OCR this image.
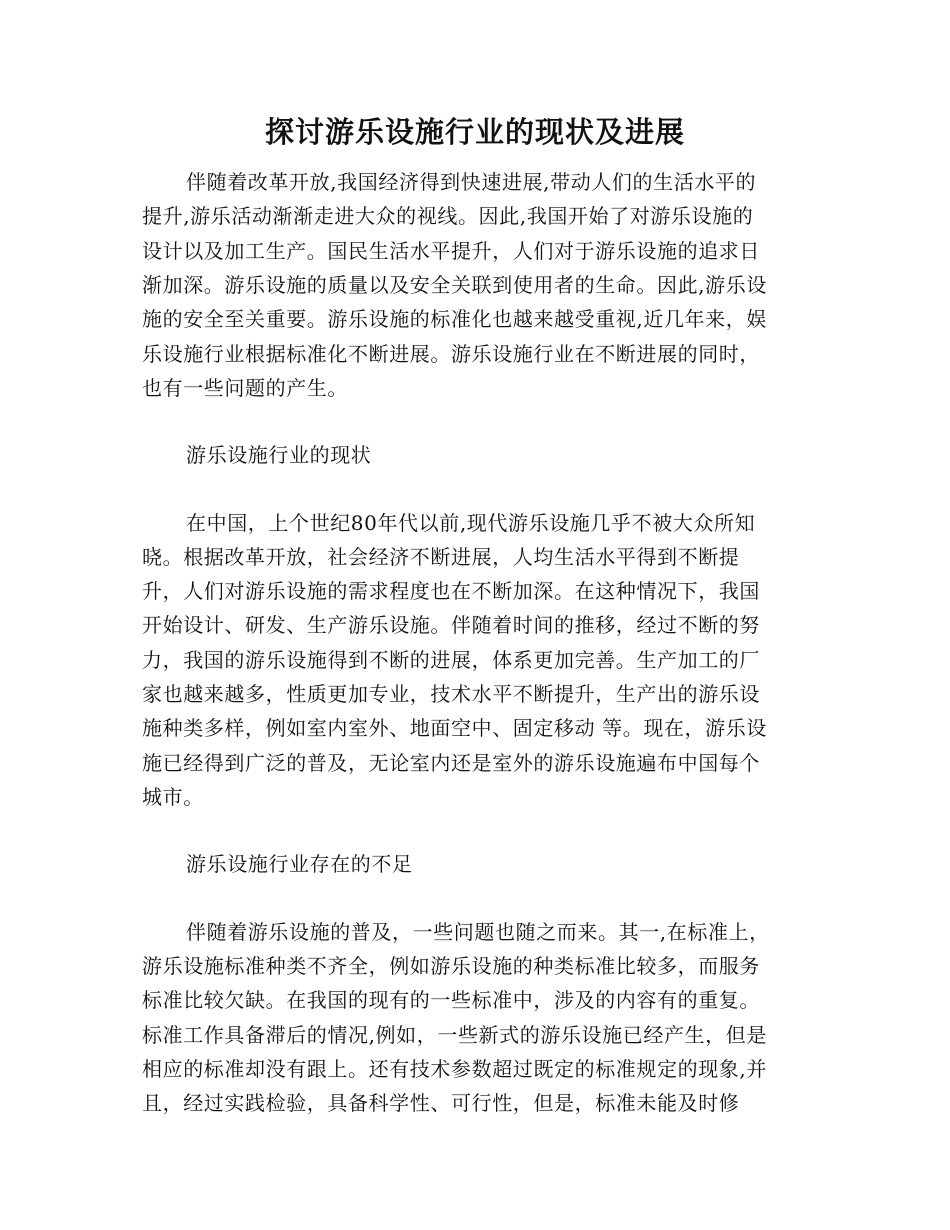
探讨游乐设施行业的现状及进展
伴随着改革开放,我国经济得到快速进展,带动人们的生活水平的
提升,游乐活动渐渐走进大众的视线。因此,我国开始了对游乐设施的
设计以及加工生产。国民生活水平提升，人们对于游乐设施的追求日
渐加深。游乐设施的质量以及安全关联到使用者的生命。因此,游乐设
施的安全至关重要。游乐设施的标准化也越来越受重视,近几年来，娱
乐设施行业根据标准化不断进展。游乐设施行业在不断进展的同时，
也有一些问题的产生。
游乐设施行业的现状
在中国，上个世纪80年代以前,现代游乐设施几乎不被大众所知
晓。根据改革开放，社会经济不断进展，人均生活水平得到不断提
升，人们对游乐设施的需求程度也在不断加深。在这种情况下，我国
开始设计、研发、生产游乐设施。伴随着时间的推移，经过不断的努
力，我国的游乐设施得到不断的进展，体系更加完善。生产加工的厂
家也越来越多，性质更加专业，技术水平不断提升，生产出的游乐设
施种类多样，例如室内室外、地面空中、固定移动 等。现在，游乐设
施已经得到广泛的普及，无论室内还是室外的游乐设施遍布中国每个
城市。
游乐设施行业存在的不足
伴随着游乐设施的普及，一些问题也随之而来。其一,在标准上，
游乐设施标准种类不齐全，例如游乐设施的种类标准比较多，而服务
标准比较欠缺。在我国的现有的一些标准中，涉及的内容有的重复。
标准工作具备滞后的情况,例如，一些新式的游乐设施已经产生，但是
相应的标准却没有跟上。还有技术参数超过既定的标准规定的现象,并
且，经过实践检验，具备科学性、可行性，但是，标准未能及时修
